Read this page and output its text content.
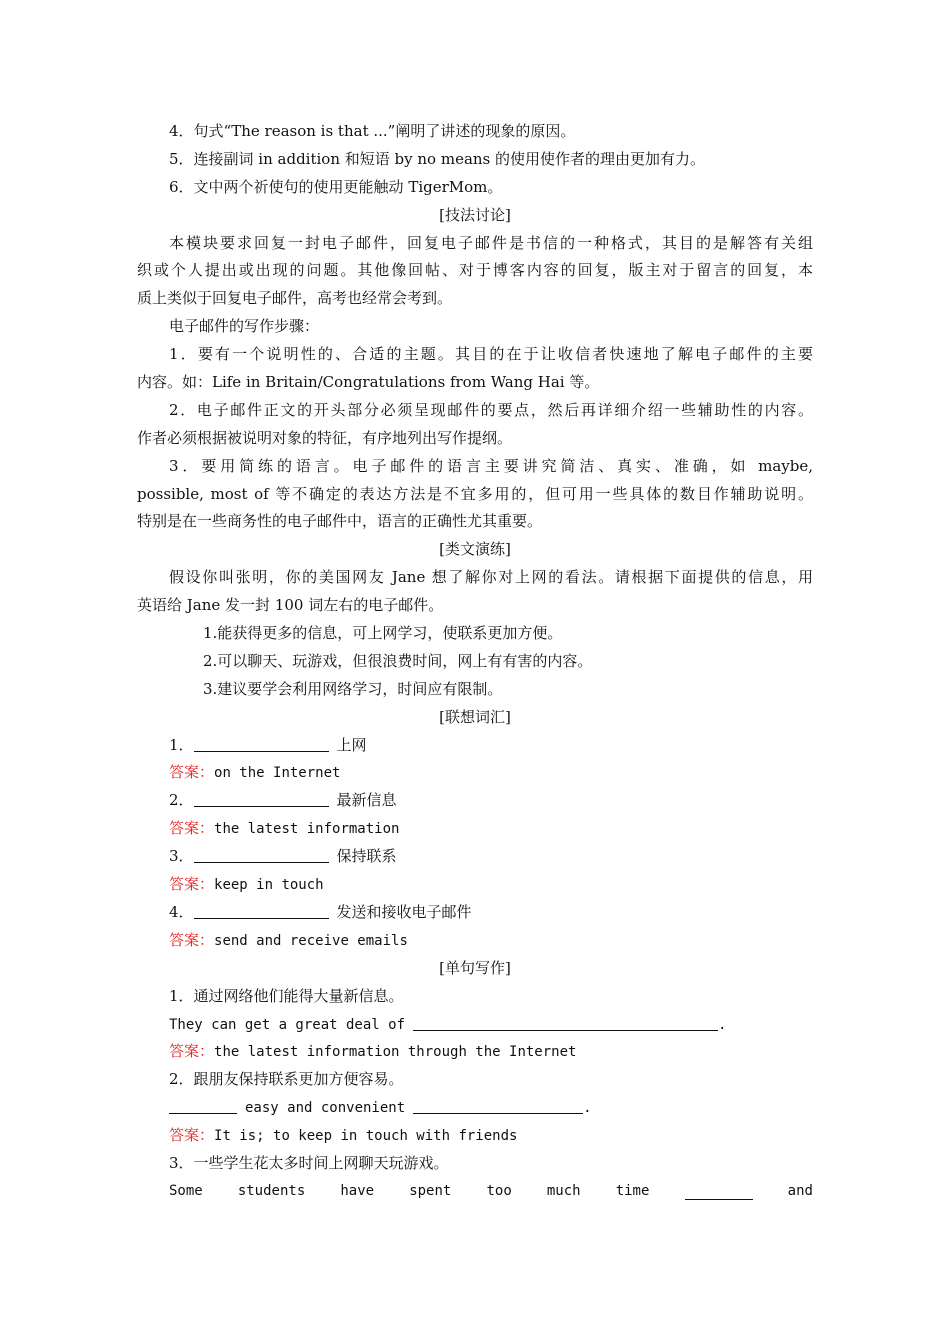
4．句式“The reason is that ...”阐明了讲述的现象的原因。
5．连接副词 in addition 和短语 by no means 的使用使作者的理由更加有力。
6．文中两个祈使句的使用更能触动 TigerMom。
[技法讨论]
本模块要求回复一封电子邮件，回复电子邮件是书信的一种格式，其目的是解答有关组
织或个人提出或出现的问题。其他像回帖、对于博客内容的回复，版主对于留言的回复，本
质上类似于回复电子邮件，高考也经常会考到。
电子邮件的写作步骤：
1．要有一个说明性的、合适的主题。其目的在于让收信者快速地了解电子邮件的主要
内容。如：Life in Britain/Congratulations from Wang Hai 等。
2．电子邮件正文的开头部分必须呈现邮件的要点，然后再详细介绍一些辅助性的内容。
作者必须根据被说明对象的特征，有序地列出写作提纲。
3．要用简练的语言。电子邮件的语言主要讲究简洁、真实、准确，如 maybe,
possible, most of 等不确定的表达方法是不宜多用的，但可用一些具体的数目作辅助说明。
特别是在一些商务性的电子邮件中，语言的正确性尤其重要。
[类文演练]
假设你叫张明，你的美国网友 Jane 想了解你对上网的看法。请根据下面提供的信息，用
英语给 Jane 发一封 100 词左右的电子邮件。
1.能获得更多的信息，可上网学习，使联系更加方便。
2.可以聊天、玩游戏，但很浪费时间，网上有有害的内容。
3.建议要学会利用网络学习，时间应有限制。
[联想词汇]
1．	上网
答案：on the Internet
2．	最新信息
答案：the latest information
3．	保持联系
答案：keep in touch
4．	发送和接收电子邮件
答案：send and receive emails
[单句写作]
1．通过网络他们能得大量新信息。
They can get a great deal of	.
答案：the latest information through the Internet
2．跟朋友保持联系更加方便容易。
easy and convenient	.
答案：It is; to keep in touch with friends
3．一些学生花太多时间上网聊天玩游戏。
Some	students	have	spent	too	much	time	and
